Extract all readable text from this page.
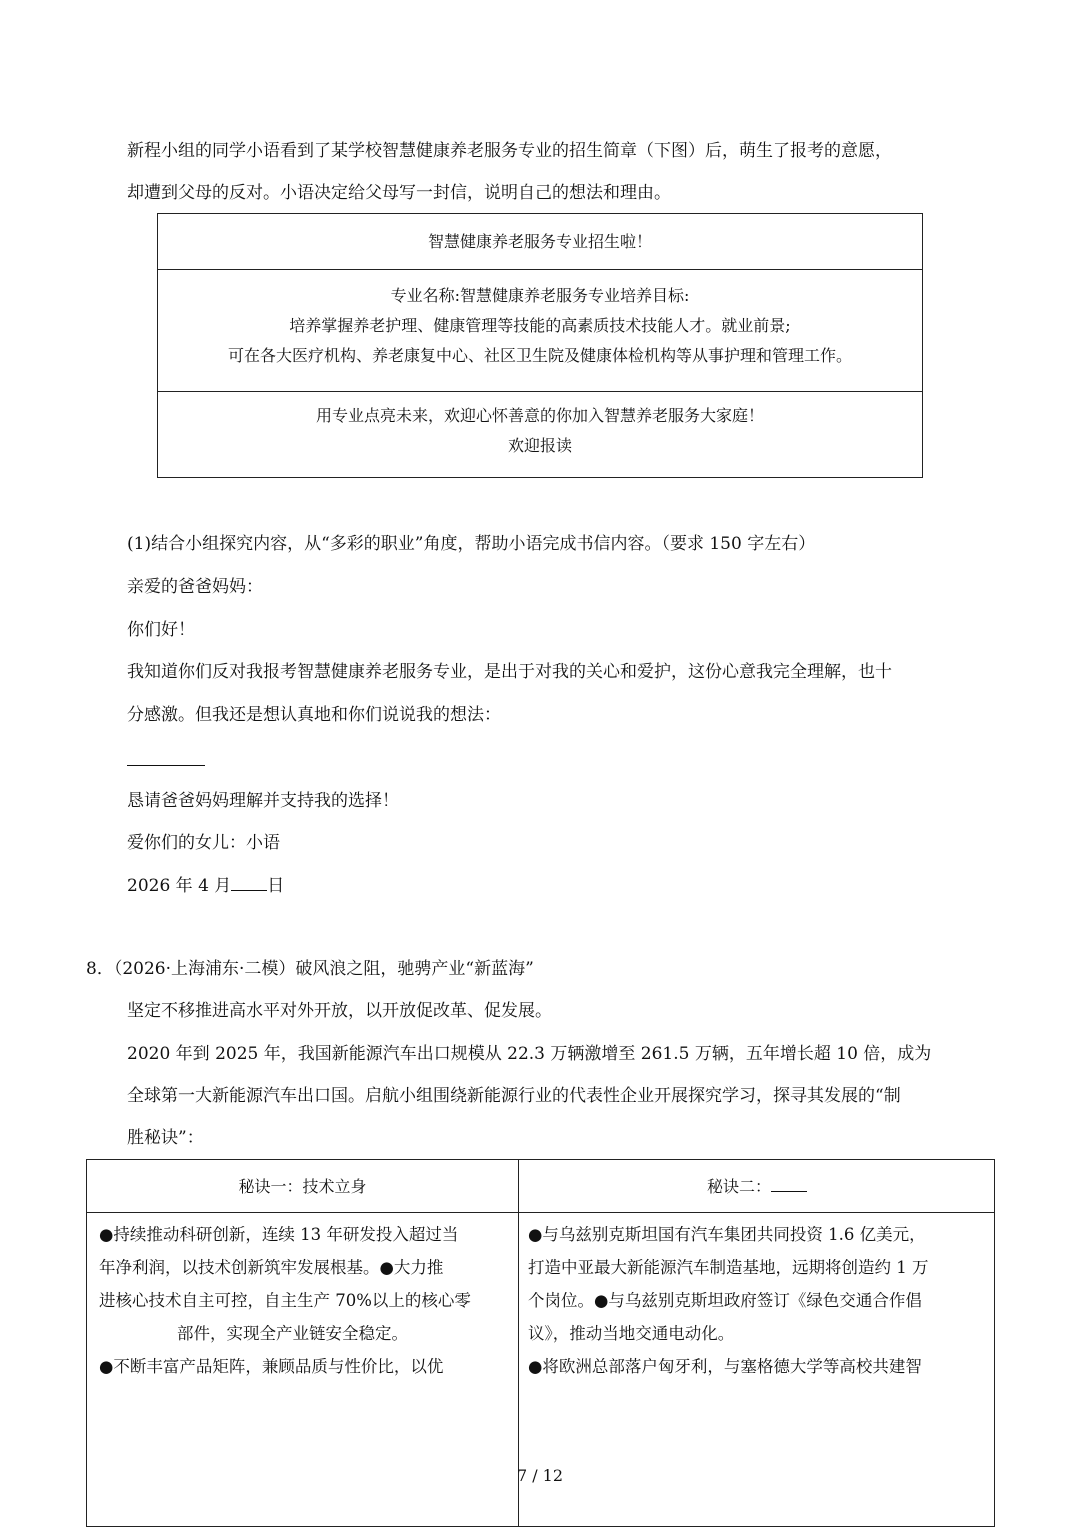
新程小组的同学小语看到了某学校智慧健康养老服务专业的招生简章（下图）后，萌生了报考的意愿，
却遭到父母的反对。小语决定给父母写一封信，说明自己的想法和理由。
智慧健康养老服务专业招生啦！
专业名称:智慧健康养老服务专业培养目标:
培养掌握养老护理、健康管理等技能的高素质技术技能人才。就业前景;
可在各大医疗机构、养老康复中心、社区卫生院及健康体检机构等从事护理和管理工作。
用专业点亮未来，欢迎心怀善意的你加入智慧养老服务大家庭！
欢迎报读
(1)结合小组探究内容，从“多彩的职业”角度，帮助小语完成书信内容。（要求 150 字左右）
亲爱的爸爸妈妈：
你们好！
我知道你们反对我报考智慧健康养老服务专业，是出于对我的关心和爱护，这份心意我完全理解，也十
分感激。但我还是想认真地和你们说说我的想法：
恳请爸爸妈妈理解并支持我的选择！
爱你们的女儿：小语
2026 年 4 月 日
8．（2026·上海浦东·二模）破风浪之阻，驰骋产业“新蓝海”
坚定不移推进高水平对外开放，以开放促改革、促发展。
2020 年到 2025 年，我国新能源汽车出口规模从 22.3 万辆激增至 261.5 万辆，五年增长超 10 倍，成为
全球第一大新能源汽车出口国。启航小组围绕新能源行业的代表性企业开展探究学习，探寻其发展的“制
胜秘诀”：
秘诀一：技术立身	秘诀二：
●持续推动科研创新，连续 13 年研发投入超过当
年净利润，以技术创新筑牢发展根基。●大力推
进核心技术自主可控，自主生产 70%以上的核心零
部件，实现全产业链安全稳定。
●不断丰富产品矩阵，兼顾品质与性价比，以优
●与乌兹别克斯坦国有汽车集团共同投资 1.6 亿美元，
打造中亚最大新能源汽车制造基地，远期将创造约 1 万
个岗位。●与乌兹别克斯坦政府签订《绿色交通合作倡
议》，推动当地交通电动化。
●将欧洲总部落户匈牙利，与塞格德大学等高校共建智
7 / 12
